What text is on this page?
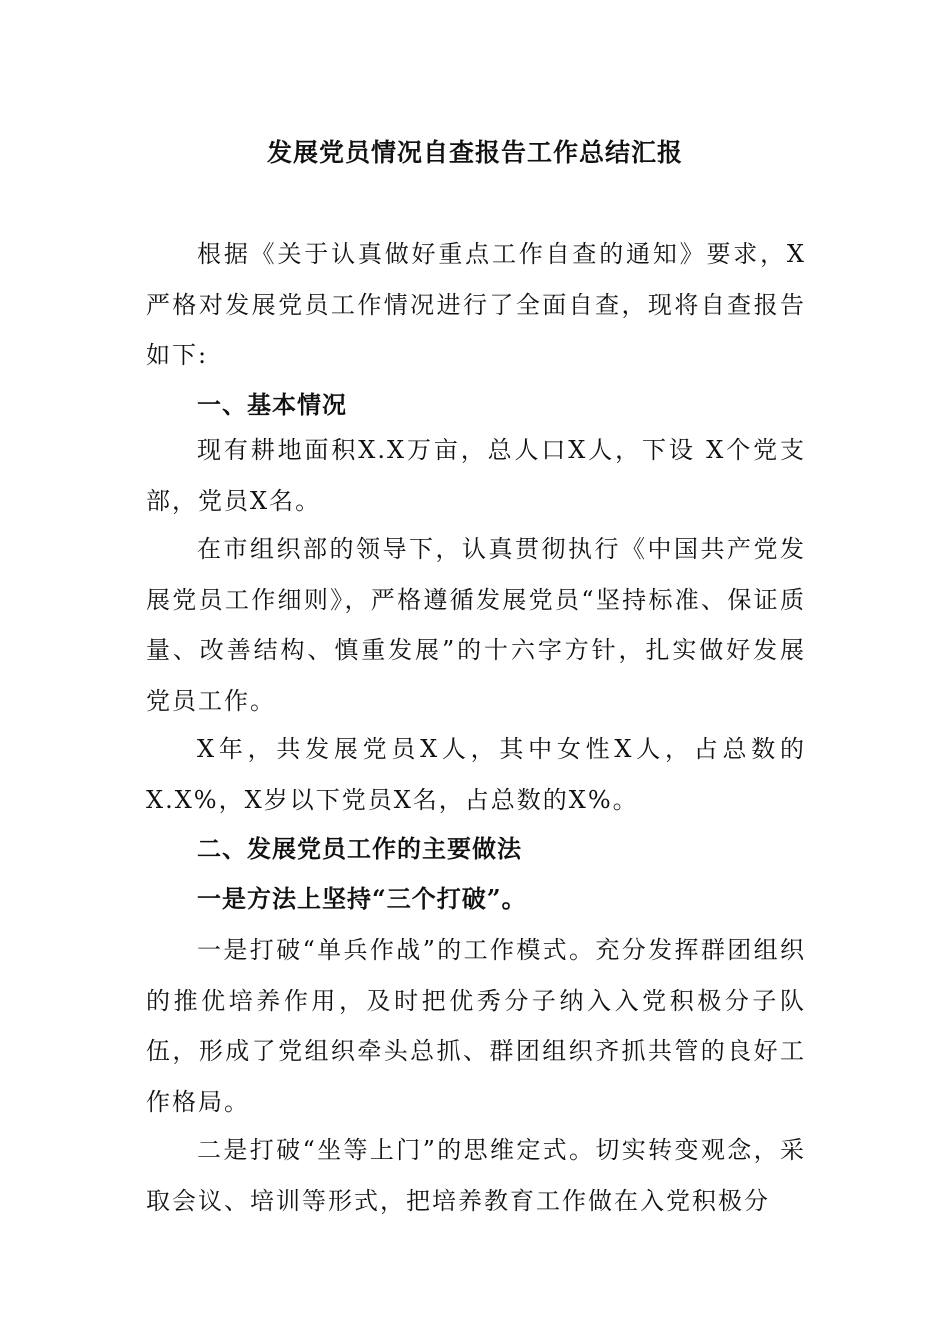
发展党员情况自查报告工作总结汇报

根据《关于认真做好重点工作自查的通知》要求，X严格对发展党员工作情况进行了全面自查，现将自查报告如下:

一、基本情况

现有耕地面积X.X万亩，总人口X人，下设 X个党支部，党员X名。

在市组织部的领导下，认真贯彻执行《中国共产党发展党员工作细则》，严格遵循发展党员“坚持标准、保证质量、改善结构、慎重发展”的十六字方针，扎实做好发展党员工作。

X年，共发展党员X人，其中女性X人，占总数的X.X%，X岁以下党员X名，占总数的X%。

二、发展党员工作的主要做法

一是方法上坚持“三个打破”。

一是打破“单兵作战”的工作模式。充分发挥群团组织的推优培养作用，及时把优秀分子纳入入党积极分子队伍，形成了党组织牵头总抓、群团组织齐抓共管的良好工作格局。

二是打破“坐等上门”的思维定式。切实转变观念，采取会议、培训等形式，把培养教育工作做在入党积极分
